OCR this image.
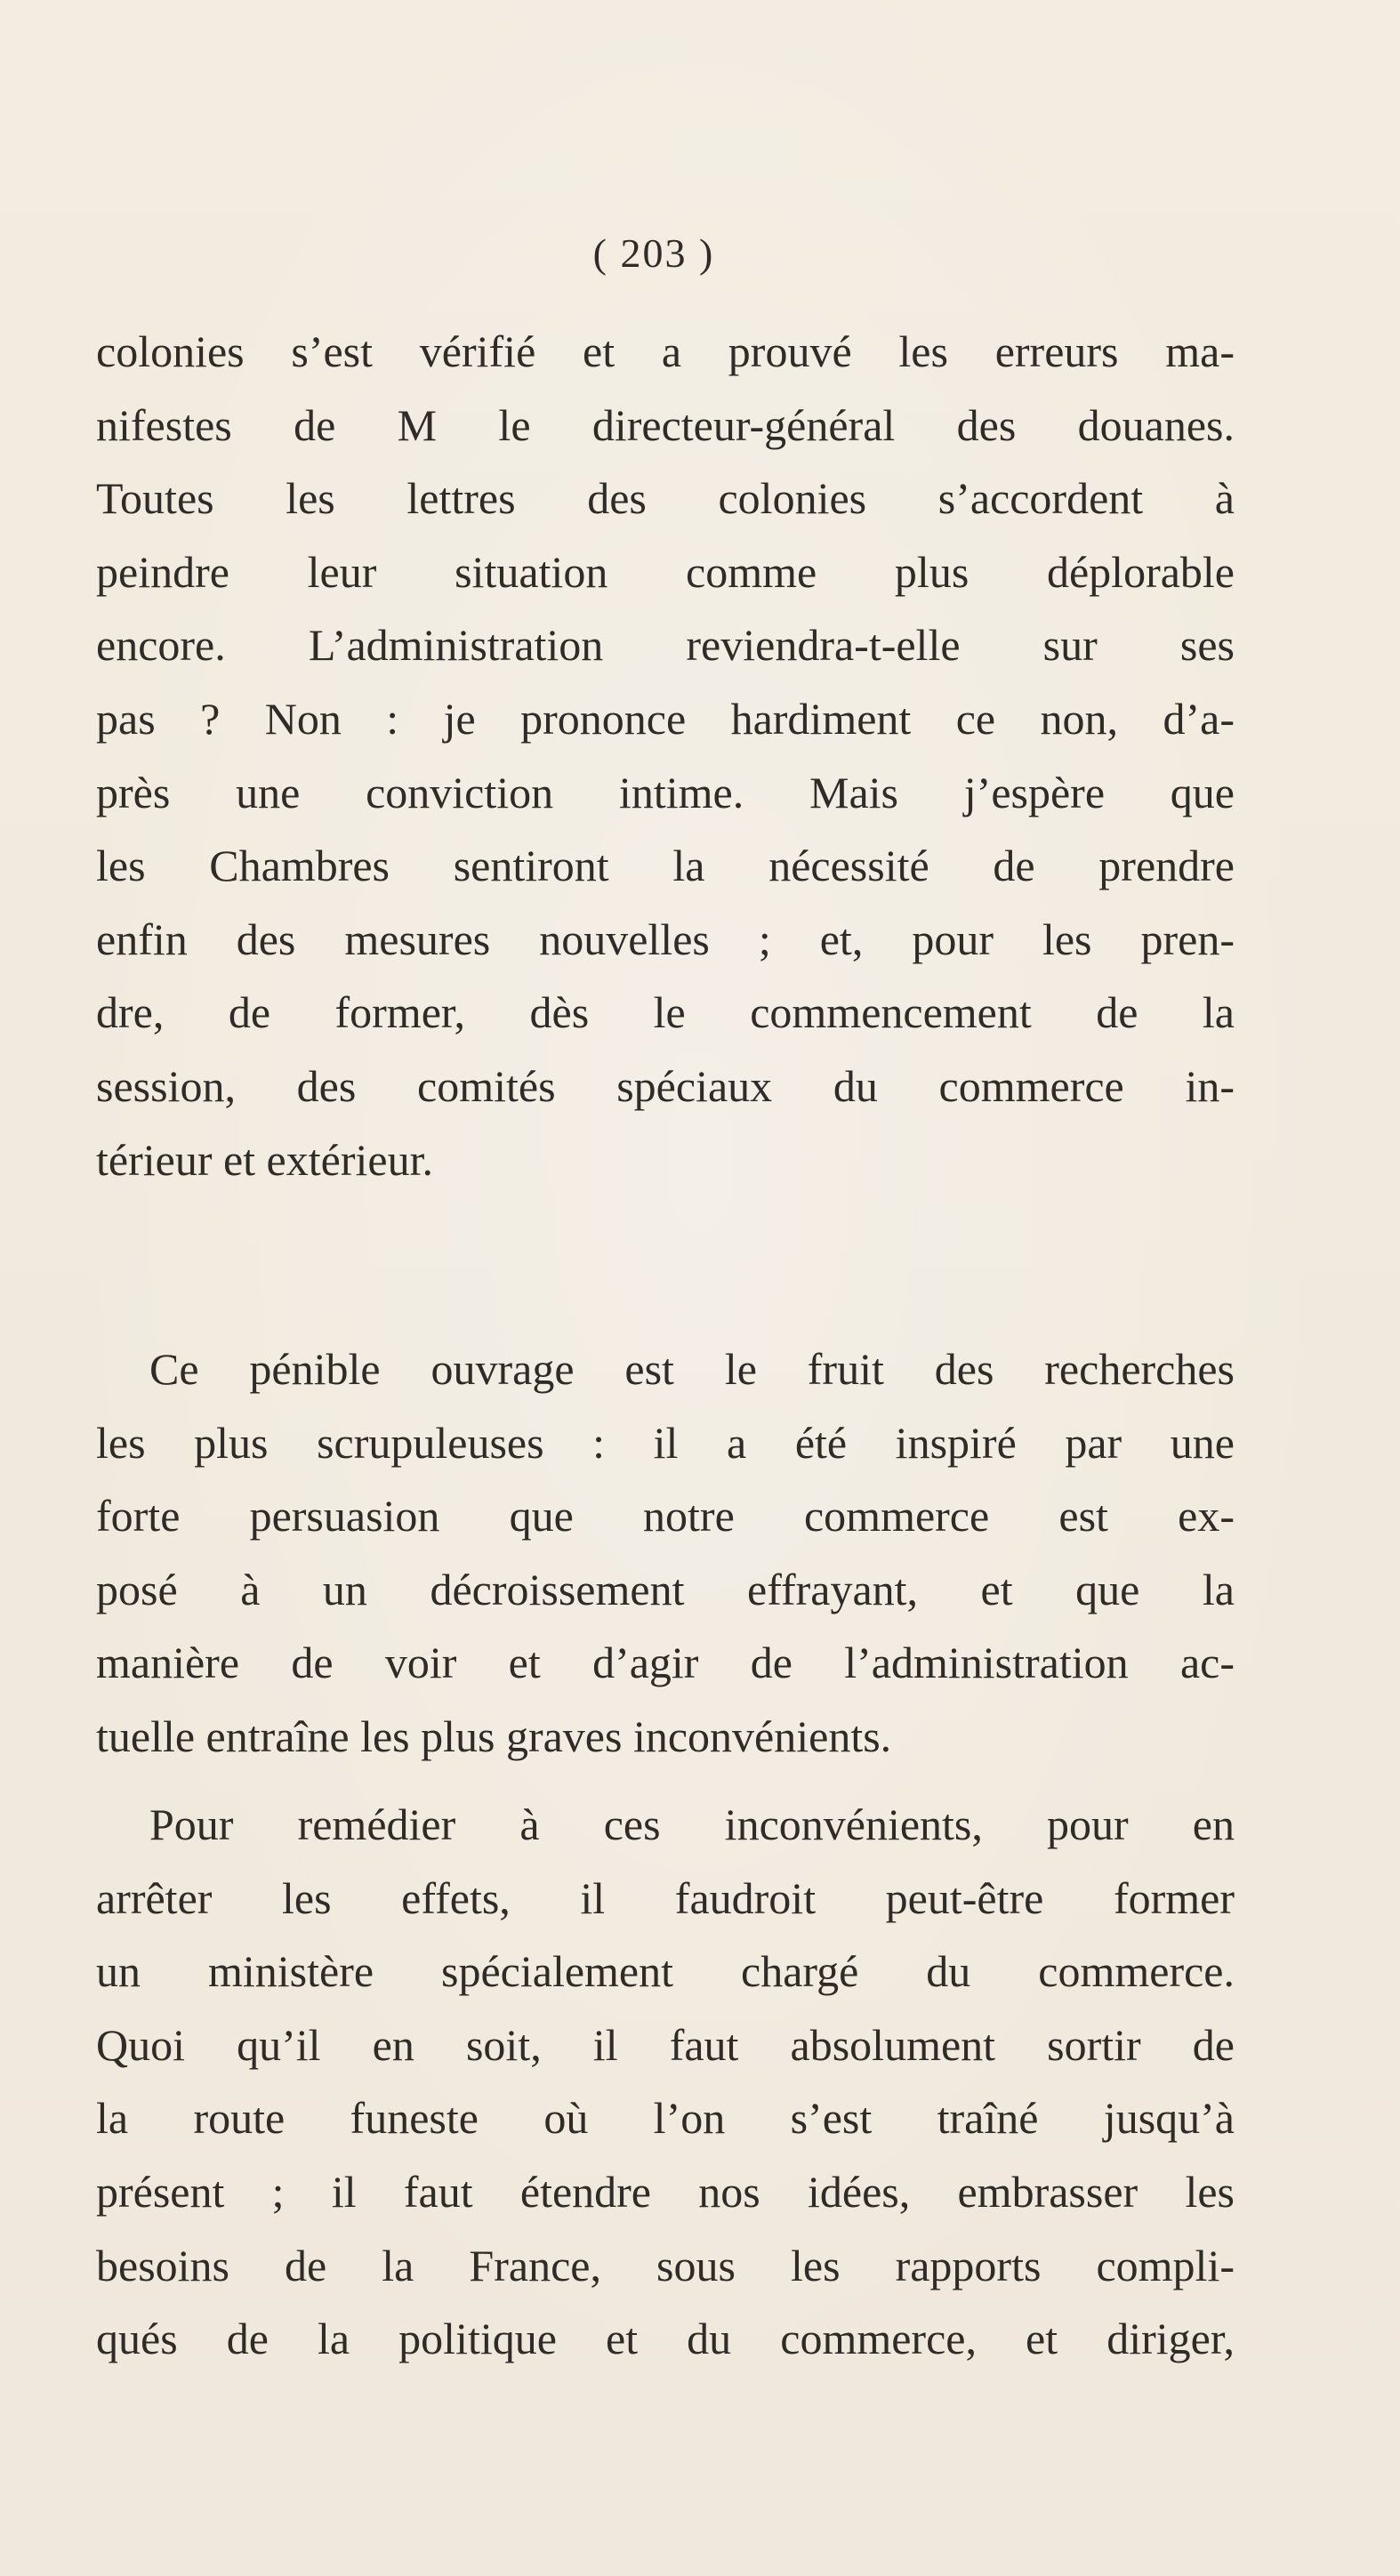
( 203 )
colonies s’est vérifié et a prouvé les erreurs ma-
nifestes de M le directeur-général des douanes.
Toutes les lettres des colonies s’accordent à
peindre leur situation comme plus déplorable
encore. L’administration reviendra-t-elle sur ses
pas ? Non : je prononce hardiment ce non, d’a-
près une conviction intime. Mais j’espère que
les Chambres sentiront la nécessité de prendre
enfin des mesures nouvelles ; et, pour les pren-
dre, de former, dès le commencement de la
session, des comités spéciaux du commerce in-
térieur et extérieur.
Ce pénible ouvrage est le fruit des recherches
les plus scrupuleuses : il a été inspiré par une
forte persuasion que notre commerce est ex-
posé à un décroissement effrayant, et que la
manière de voir et d’agir de l’administration ac-
tuelle entraîne les plus graves inconvénients.
Pour remédier à ces inconvénients, pour en
arrêter les effets, il faudroit peut-être former
un ministère spécialement chargé du commerce.
Quoi qu’il en soit, il faut absolument sortir de
la route funeste où l’on s’est traîné jusqu’à
présent ; il faut étendre nos idées, embrasser les
besoins de la France, sous les rapports compli-
qués de la politique et du commerce, et diriger,
